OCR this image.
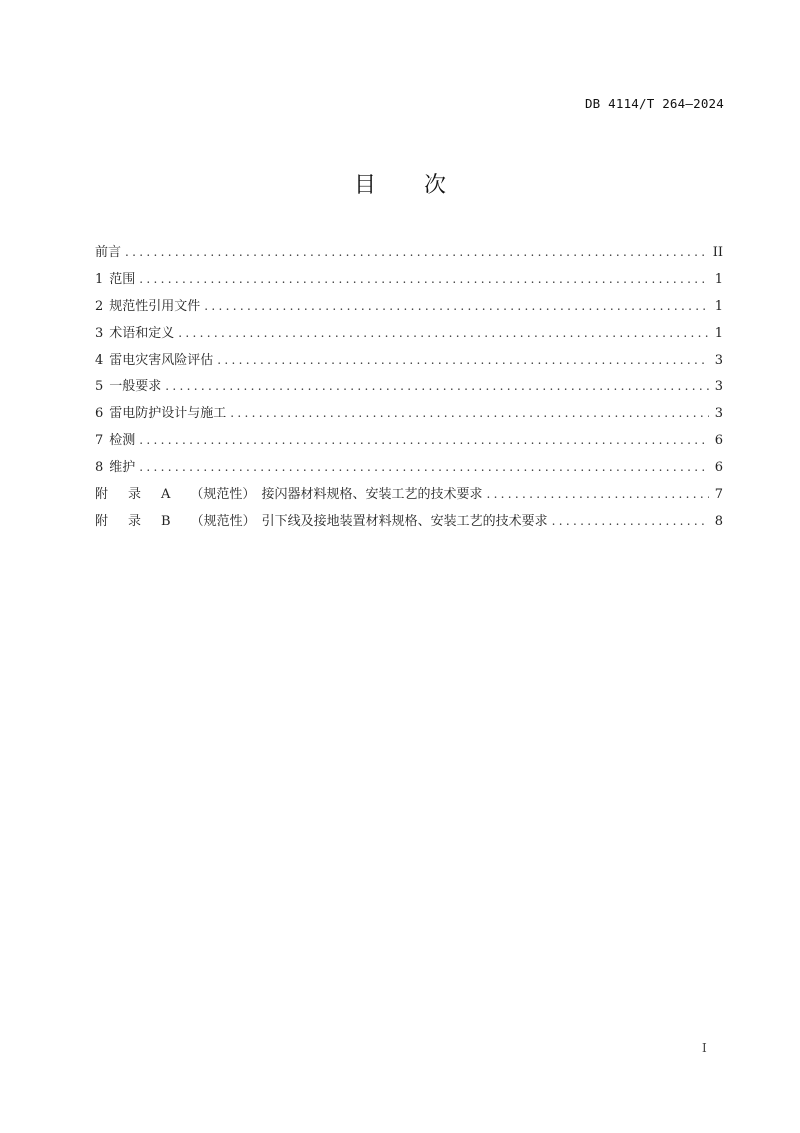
DB 4114/T 264—2024
目 次
前言 .....	II
1 范围 .....	1
2 规范性引用文件 .....	1
3 术语和定义 .....	1
4 雷电灾害风险评估 .....	3
5 一般要求 .....	3
6 雷电防护设计与施工 .....	3
7 检测 .....	6
8 维护 .....	6
附 录 A （规范性） 接闪器材料规格、安装工艺的技术要求 .....	7
附 录 B （规范性） 引下线及接地装置材料规格、安装工艺的技术要求 .....	8
I
